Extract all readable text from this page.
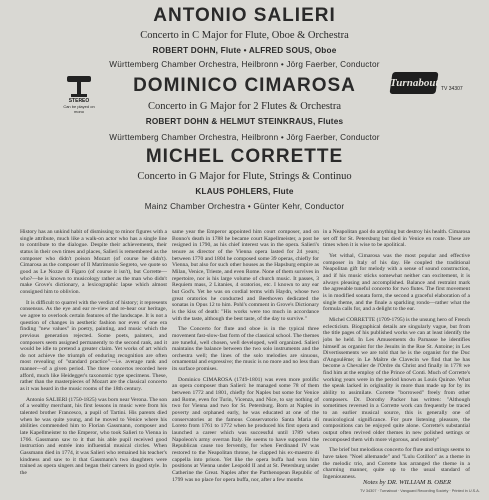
ANTONIO SALIERI
Concerto in C Major for Flute, Oboe & Orchestra
ROBERT DOHN, Flute • ALFRED SOUS, Oboe
Württemberg Chamber Orchestra, Heilbronn • Jörg Faerber, Conductor
DOMINICO CIMAROSA
Concerto in G Major for 2 Flutes & Orchestra
ROBERT DOHN & HELMUT STEINKRAUS, Flutes
Württemberg Chamber Orchestra, Heilbronn • Jörg Faerber, Conductor
MICHEL CORRETTE
Concerto in G Major for Flute, Strings & Continuo
KLAUS POHLERS, Flute
Mainz Chamber Orchestra • Günter Kehr, Conductor
STEREO
Can be played on mono
Turnabout TV 34307

History has an unkind habit of dismissing to minor figures with a single attribute, much like a walk-on actor who has a single line to contribute to the dialogue. Despite their achievements, their status in their own times and places, Salieri is remembered as the composer who didn't poison Mozart (of course he didn't). Cimarosa as the composer of Il Matrimonio Segreto, we quote so good as Le Nozze di Figaro (of course it isn't), but Corrette—who?—he is known to musicology rather as the man who didn't make Grove's dictionary, a lexicographic lapse which almost consigned him to oblivion.

It is difficult to quarrel with the verdict of history; it represents consensus. As the eye and ear re-view and re-hear our heritage, we agree to overlook certain features of the landscape. It is not a question of changes in aesthetic fashion nor even of one era finding "new values" in poetry, painting, and music which the previous generation rejected. Some poets, painters, and composers seem assigned permanently to the second rank, and it would be idle to pretend a greater claim. Yet works of art which do not achieve the triumph of enduring recognition are often most revealing of "standard practice"—i.e. average rank and manner—of a given period. The three concertos recorded here afford, much like Heidegger's taxonomic type specimens. These, rather than the masterpieces of Mozart are the classical concerto as it was heard in the music rooms of the 18th century.

Antonio SALIERI (1750-1825) was born near Verona. The son of a wealthy merchant, his first lessons in music were from his talented brother Francesco, a pupil of Tartini. His parents died when he was quite young, and he moved to Venice where his abilities commended him to Florian Gassmann, composer and late Kapellmeister to the Emperor, who took Salieri to Vienna in 1766. Gassmann saw to it that his able pupil received good instruction and entrée into influential musical circles. When Gassmann died in 1774, it was Salieri who remained his teacher's kindness and saw to it that Gassmann's two daughters were trained as opera singers and began their careers in good style. In the

same year the Emperor appointed him court composer, and on Bonno's death in 1788 he became court Kapellmeister, a post he resigned in 1790, as his chief interest was in the opera. Salieri's tenure as director of the Vienna opera lasted for 24 years; between 1770 and 1804 he composed some 39 operas, chiefly for Vienna, but also for such other houses as the Hapsburg empire as Milan, Venice, Trieste, and even Rome. None of them survives in repertoire, nor is his large volume of church music. It passes, 3 Requiem mass, 2 Litanies, 4 oratorios, etc. I known to any ear but God's. Yet he was on cordial terms with Haydn, whose two great oratorios he conducted and Beethoven dedicated the sonatas in Opus 12 to him. Pohl's comment in Grove's Dictionary is the kiss of death: "His works were too much in accordance with the taste, although the best taste, of the day to survive."

The Concerto for flute and oboe is in the typical three movement fast-slow-fast form of the classical school. The themes are tuneful, well chosen, well developed, well organized. Salieri maintains the balance between the two solo instruments and the orchestra well; the lines of the solo melodies are sinuous, ornamental and expressive; the music is no more and no less than its surface promises.

Dominico CIMAROSA (1749-1801) was even more prolific an opera composer than Salieri: he managed some 78 of them between 1772 and 1801, chiefly for Naples but some for Venice and Rome, even for Turin, Vicenza, and Nice, to say nothing of two for Vienna and two for St. Petersburg. Born at Naples in poverty and orphaned early, he was educated at one of the conservatories at the famous Conservatorio Santa Maria di Loreto from 1761 to 1772 when he produced his first opera and launched a career which was successful until 1789 when Napoleon's army overran Italy. He seems to have supported the Republican cause too fervently, for when Ferdinand IV was restored to the Neapolitan throne, he clapped his ex-maestro di cappella into prison. Yet like the opera buffa had won him positions at Vienna under Leopold II and at St. Petersburg under Catherine the Great. Naples after the Parthenopean Republic of 1799 was no place for opera buffa, nor, after a few months

in a Neapolitan gaol do anything but destroy his health. Cimarosa set off for St. Petersburg but died in Venice en route. These are times when it is wise to be apolitical.

Yet withal, Cimarosa was the most popular and effective composer in Italy of his day. He coupled the traditional Neapolitan gift for melody with a sense of sound construction, and if his music sticks somewhat neither can excitement, it is always pleasing and accomplished. Balance and restraint mark the agreeable tuneful concerto for two flutes. The first movement is in modified sonata form, the second a graceful elaboration of a single theme, and the finale a sparkling rondo—rather what the formula calls for, and a delight to the ear.

Michel CORRETTE (1709-1795) is the unsung hero of French eclecticism. Biographical details are singularly vague, but from the title pages of his published works we can at least identify the jobs he held. In Les Amusements du Parnasse he identifies himself as organist for the Jesuits in the Rue St. Antoine; in Les Divertissements we are told that he is the organist for the Duc d'Angoulême; in Le Maître de Clavecin we find that he has become a Chevalier de l'Ordre du Christ and finally in 1778 we find him at the employ of the Prince of Conti. Much of Corrette's working years were in the period known as Louis Quinze. What the speak lacked in originality is more than made up for by its ability to assimilate. Corrette "borrowed" freely from other composers. Dr. Dorothy Packer has written: "Although sometimes reversed in a Corrette work can frequently be traced to an earlier musical source, this is generally one of musicological significance. For pure listening pleasure, the compositions can be enjoyed quite alone. Corrette's substantial output often revived older themes in new polished settings or recomposed them with more vigorous, and entirely"

The brief but melodious concerto for flute and strings seems to have taken "Noel allemande" and "Lulu Cotillon" as a theme in the melodic trio, and Corrette has arranged the theme in a charming manner, quite up to the usual standard of Ingeniousness.

Notes by DR. WILLIAM B. OBER
TV 34307 · Turnabout · Vanguard Recording Society · Printed in U.S.A.
